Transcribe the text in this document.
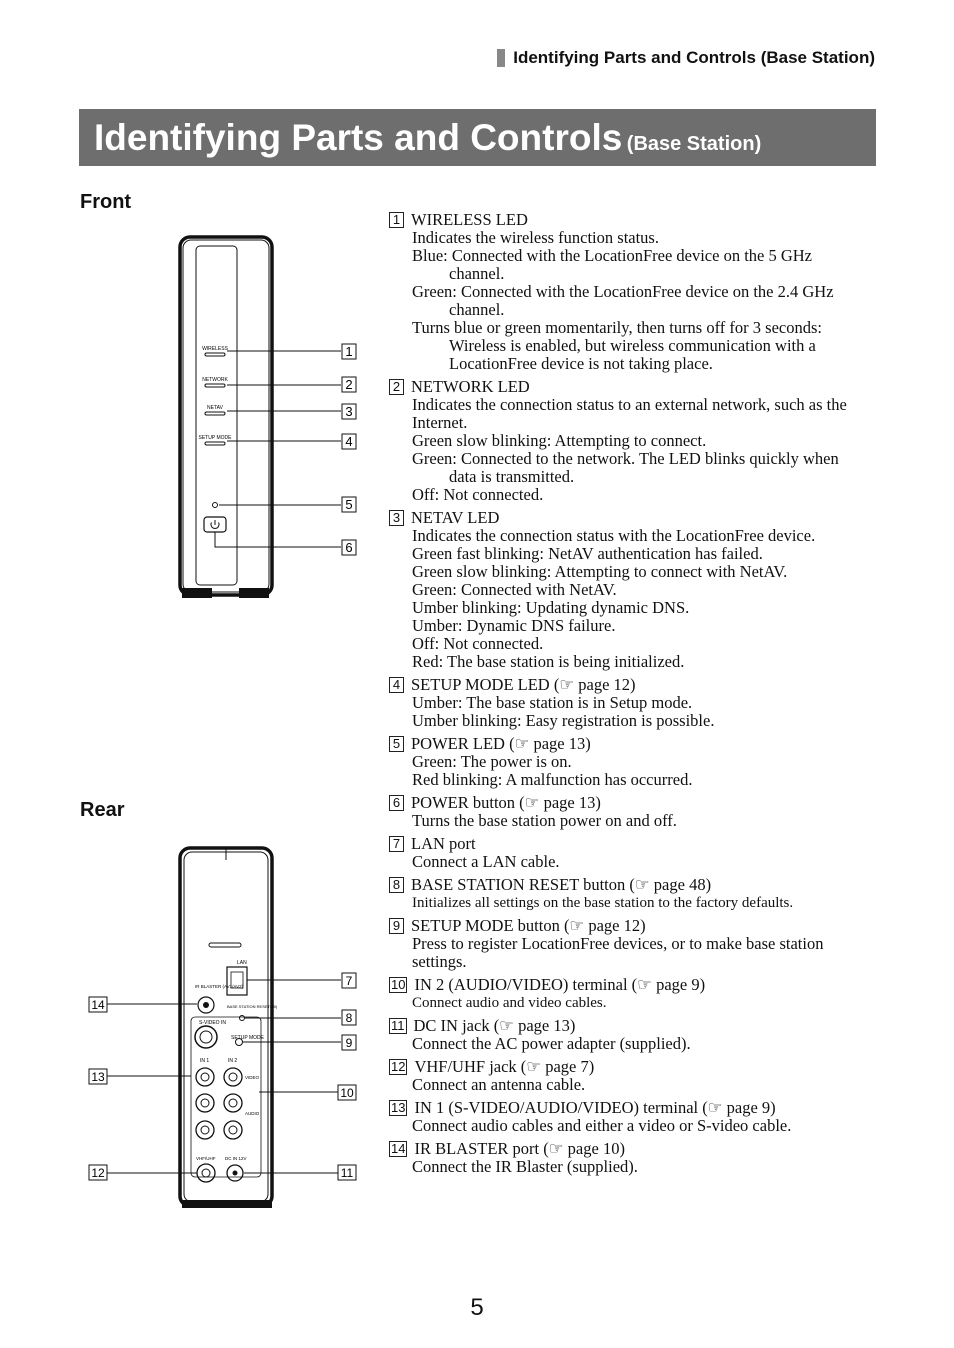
Identifying Parts and Controls (Base Station)
Identifying Parts and Controls (Base Station)
Front
Rear
WIRELESS
NETWORK
NETAV
SETUP MODE
1
2
3
4
5
6
LAN
IR BLASTER (AV1/AV2)
BASE STATION RESET(48)
S-VIDEO IN
SETUP MODE
IN 1	IN 2
VIDEO
AUDIO
VHF/UHF DC IN 12V
7
8
9
10
11
14
13
12
1 WIRELESS LED
Indicates the wireless function status.
Blue: Connected with the LocationFree device on the 5 GHz
channel.
Green: Connected with the LocationFree device on the 2.4 GHz
channel.
Turns blue or green momentarily, then turns off for 3 seconds:
Wireless is enabled, but wireless communication with a
LocationFree device is not taking place.
2 NETWORK LED
Indicates the connection status to an external network, such as the
Internet.
Green slow blinking: Attempting to connect.
Green: Connected to the network. The LED blinks quickly when
data is transmitted.
Off: Not connected.
3 NETAV LED
Indicates the connection status with the LocationFree device.
Green fast blinking: NetAV authentication has failed.
Green slow blinking: Attempting to connect with NetAV.
Green: Connected with NetAV.
Umber blinking: Updating dynamic DNS.
Umber: Dynamic DNS failure.
Off: Not connected.
Red: The base station is being initialized.
4 SETUP MODE LED (☞ page 12)
Umber: The base station is in Setup mode.
Umber blinking: Easy registration is possible.
5 POWER LED (☞ page 13)
Green: The power is on.
Red blinking: A malfunction has occurred.
6 POWER button (☞ page 13)
Turns the base station power on and off.
7 LAN port
Connect a LAN cable.
8 BASE STATION RESET button (☞ page 48)
Initializes all settings on the base station to the factory defaults.
9 SETUP MODE button (☞ page 12)
Press to register LocationFree devices, or to make base station
settings.
10 IN 2 (AUDIO/VIDEO) terminal (☞ page 9)
Connect audio and video cables.
11 DC IN jack (☞ page 13)
Connect the AC power adapter (supplied).
12 VHF/UHF jack (☞ page 7)
Connect an antenna cable.
13 IN 1 (S-VIDEO/AUDIO/VIDEO) terminal (☞ page 9)
Connect audio cables and either a video or S-video cable.
14 IR BLASTER port (☞ page 10)
Connect the IR Blaster (supplied).
5
